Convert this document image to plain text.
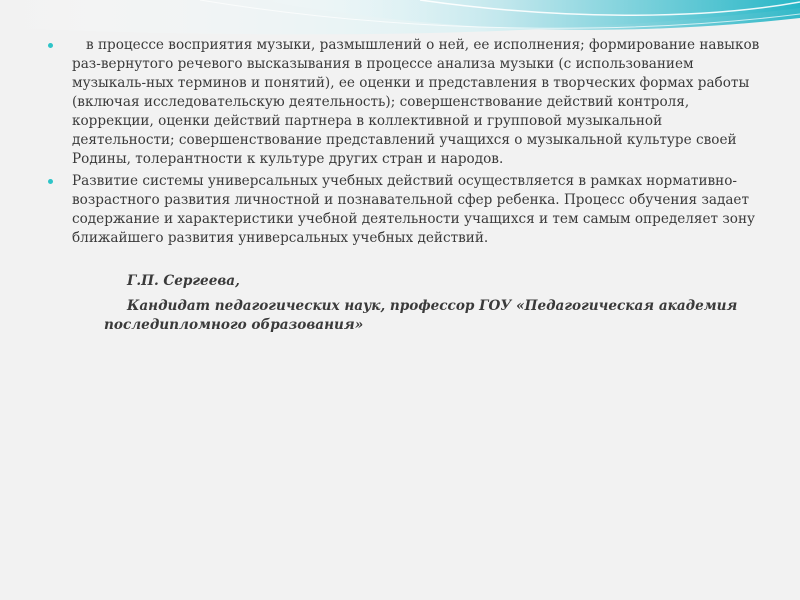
в процессе восприятия музыки, размышлений о ней, ее исполнения; формирование навыков раз-вернутого речевого высказывания в процессе анализа музыки (с использованием музыкаль-ных терминов и понятий), ее оценки и представления в творческих формах работы (включая исследовательскую деятельность); совершенствование действий контроля, коррекции, оценки действий партнера в коллективной и групповой музыкальной деятельности; совершенствование представлений учащихся о музыкальной культуре своей Родины, толерантности к культуре других стран и народов.
Развитие системы универсальных учебных действий осуществляется в рамках нормативно-возрастного развития личностной и познавательной сфер ребенка. Процесс обучения задает содержание и характеристики учебной деятельности учащихся и тем самым определяет зону ближайшего развития универсальных учебных действий.
Г.П. Сергеева,
Кандидат педагогических наук, профессор ГОУ «Педагогическая академия последипломного образования»
